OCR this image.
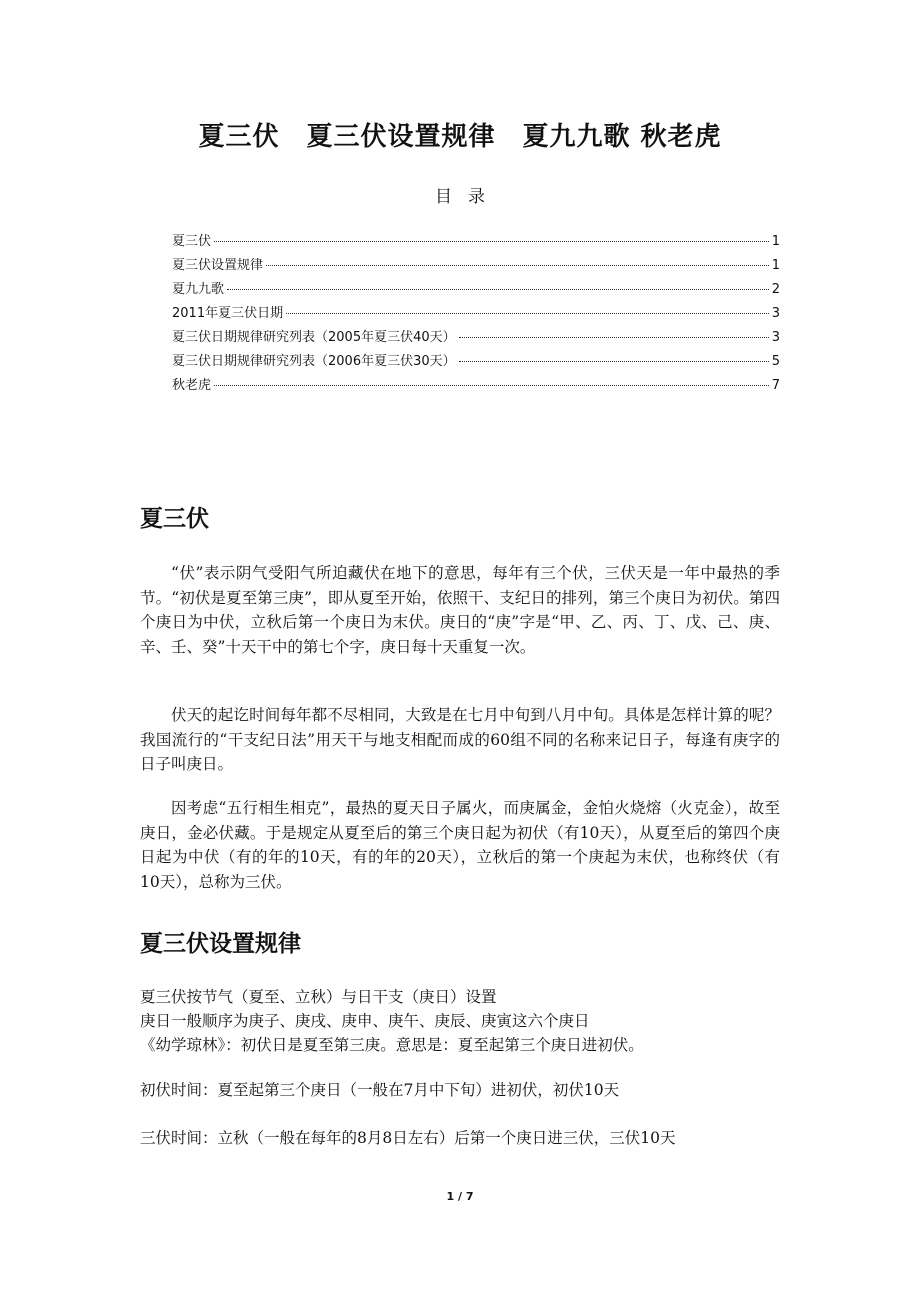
夏三伏　夏三伏设置规律　夏九九歌 秋老虎
目录
夏三伏	1
夏三伏设置规律	1
夏九九歌	2
2011年夏三伏日期	3
夏三伏日期规律研究列表（2005年夏三伏40天）	3
夏三伏日期规律研究列表（2006年夏三伏30天）	5
秋老虎	7
夏三伏
“伏”表示阴气受阳气所迫藏伏在地下的意思，每年有三个伏，三伏天是一年中最热的季节。“初伏是夏至第三庚”，即从夏至开始，依照干、支纪日的排列，第三个庚日为初伏。第四个庚日为中伏，立秋后第一个庚日为末伏。庚日的“庚”字是“甲、乙、丙、丁、戊、己、庚、辛、壬、癸”十天干中的第七个字，庚日每十天重复一次。
伏天的起讫时间每年都不尽相同，大致是在七月中旬到八月中旬。具体是怎样计算的呢？我国流行的“干支纪日法”用天干与地支相配而成的60组不同的名称来记日子，每逢有庚字的日子叫庚日。
因考虑“五行相生相克”，最热的夏天日子属火，而庚属金，金怕火烧熔（火克金），故至庚日，金必伏藏。于是规定从夏至后的第三个庚日起为初伏（有10天），从夏至后的第四个庚日起为中伏（有的年的10天，有的年的20天），立秋后的第一个庚起为末伏，也称终伏（有10天），总称为三伏。
夏三伏设置规律
夏三伏按节气（夏至、立秋）与日干支（庚日）设置
庚日一般顺序为庚子、庚戌、庚申、庚午、庚辰、庚寅这六个庚日
《幼学琼林》：初伏日是夏至第三庚。意思是：夏至起第三个庚日进初伏。
初伏时间：夏至起第三个庚日（一般在7月中下旬）进初伏，初伏10天
三伏时间：立秋（一般在每年的8月8日左右）后第一个庚日进三伏，三伏10天
1 / 7
